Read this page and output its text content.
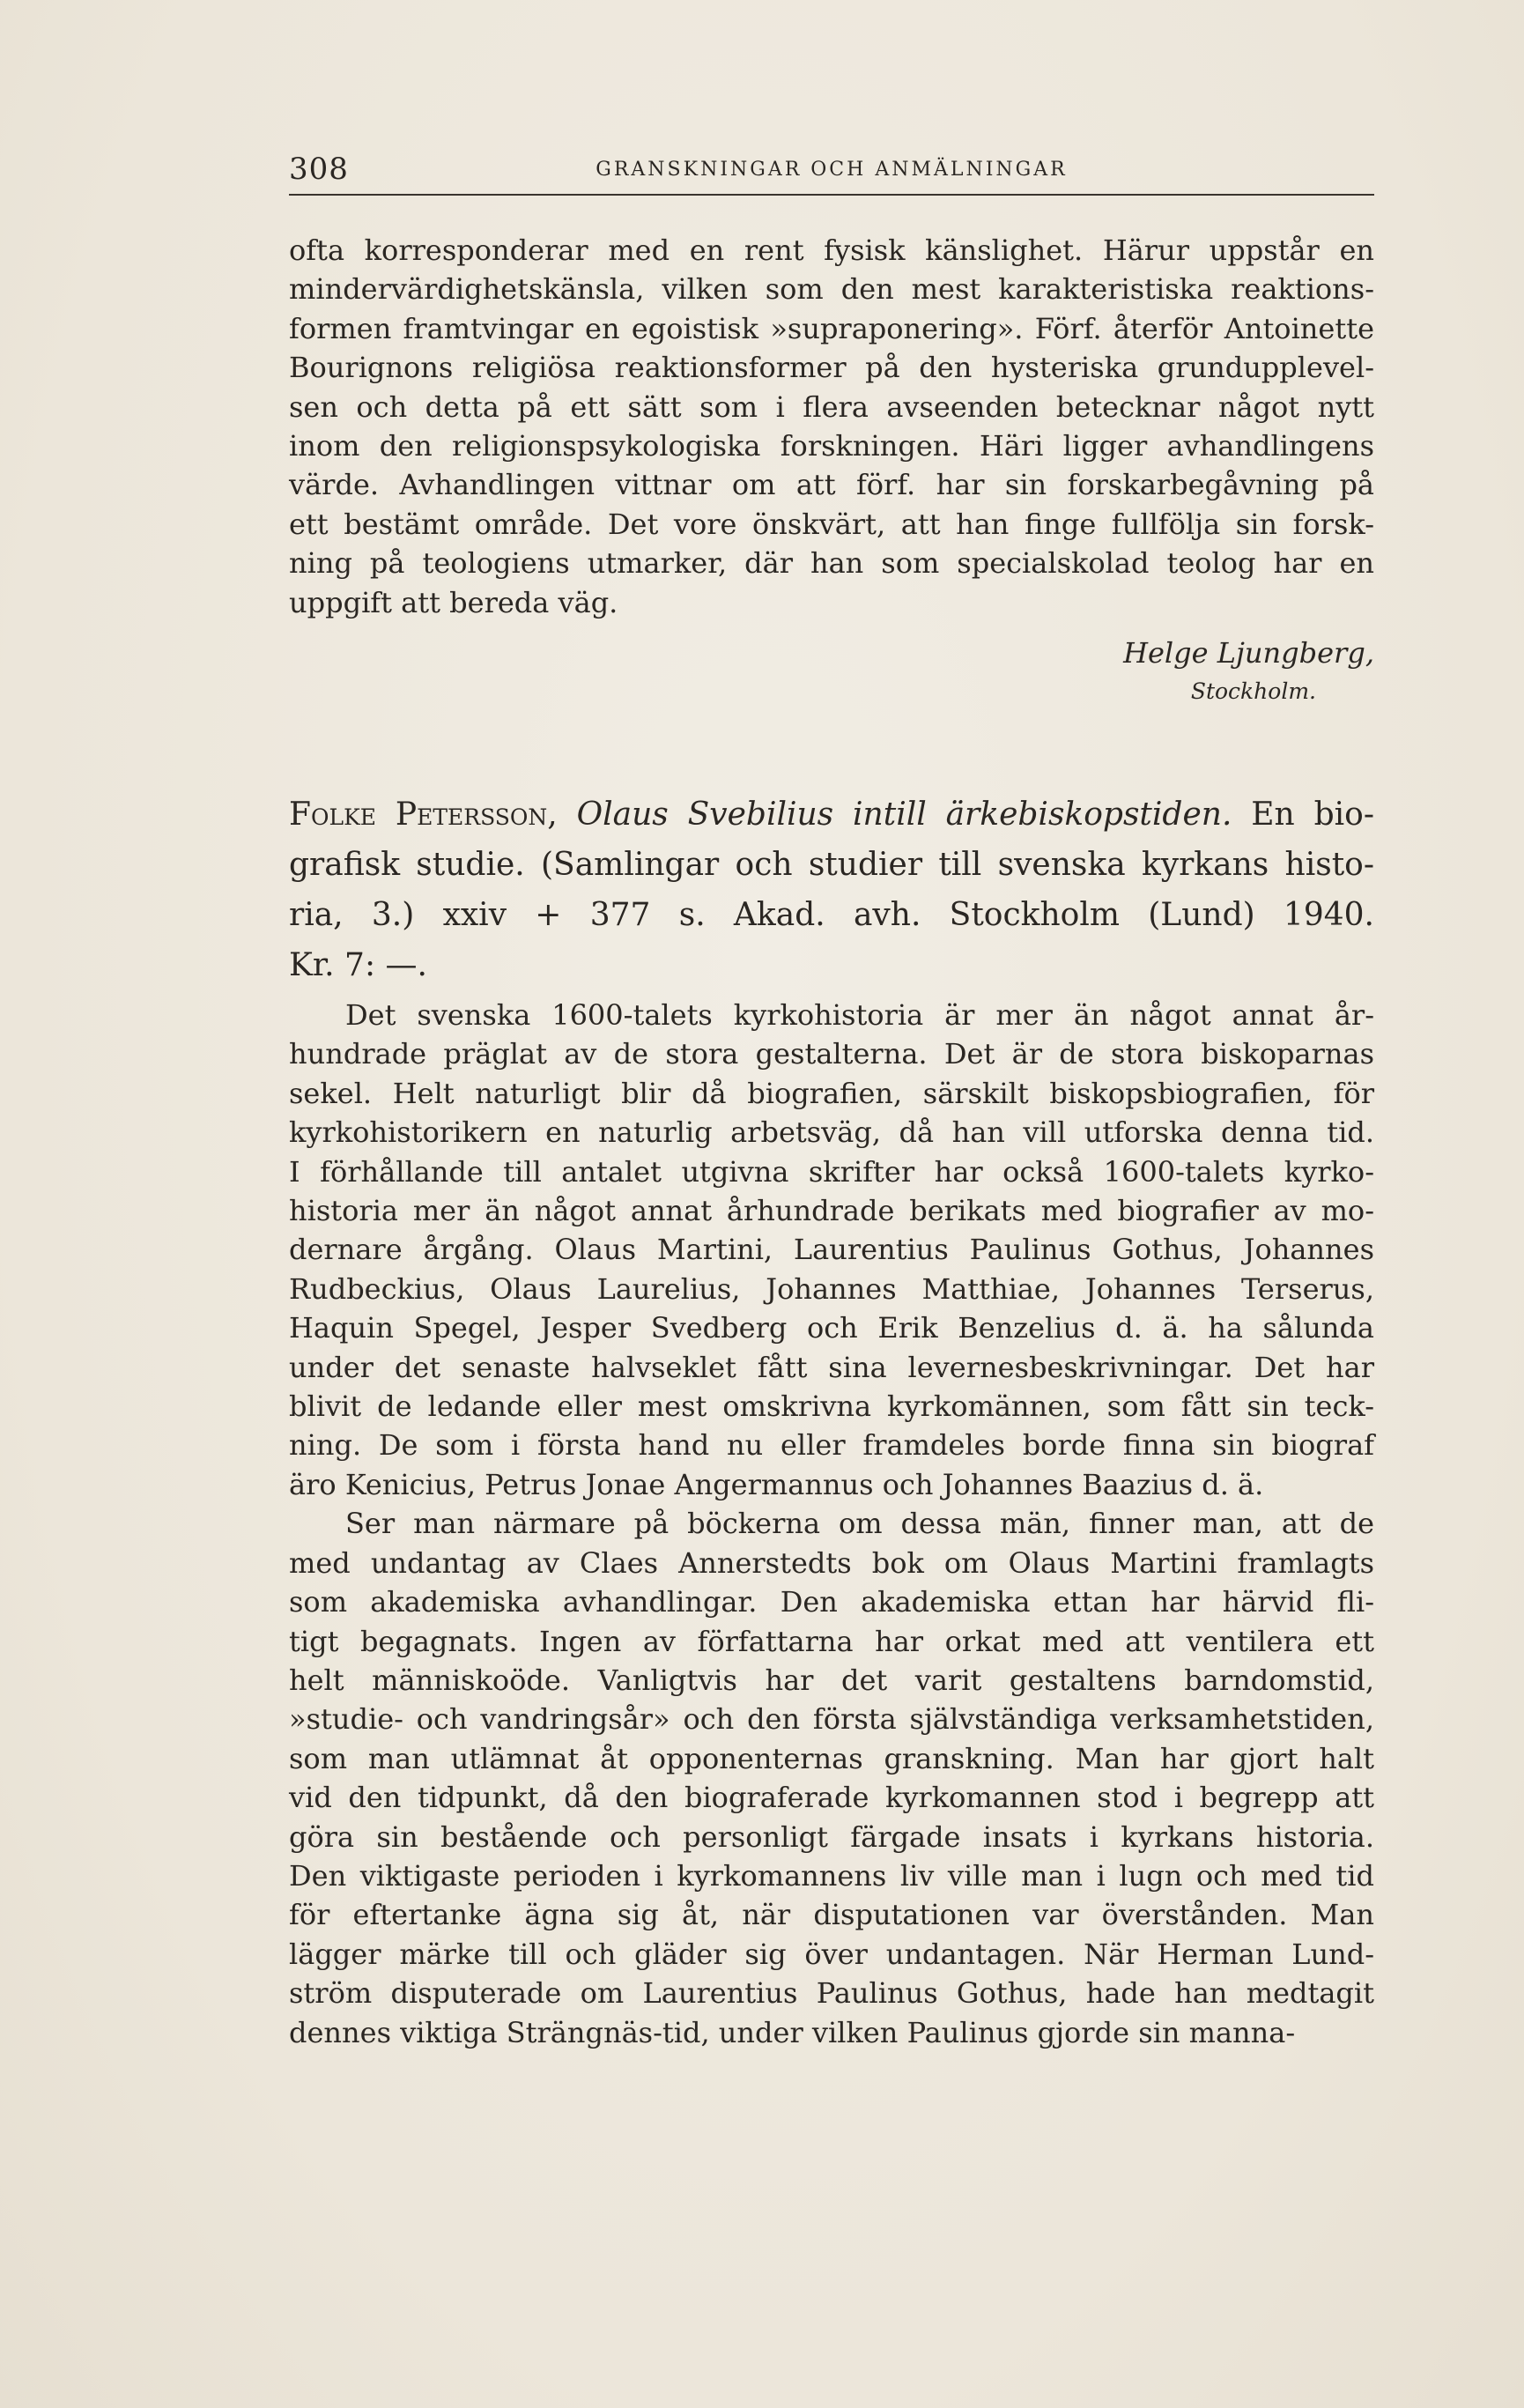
308	GRANSKNINGAR OCH ANMÄLNINGAR

ofta korresponderar med en rent fysisk känslighet. Härur uppstår en
mindervärdighetskänsla, vilken som den mest karakteristiska reaktions-
formen framtvingar en egoistisk »supraponering». Förf. återför Antoinette
Bourignons religiösa reaktionsformer på den hysteriska grundupplevel-
sen och detta på ett sätt som i flera avseenden betecknar något nytt
inom den religionspsykologiska forskningen. Häri ligger avhandlingens
värde. Avhandlingen vittnar om att förf. har sin forskarbegåvning på
ett bestämt område. Det vore önskvärt, att han finge fullfölja sin forsk-
ning på teologiens utmarker, där han som specialskolad teolog har en
uppgift att bereda väg.

Helge Ljungberg,
Stockholm.
Folke Petersson, Olaus Svebilius intill ärkebiskopstiden. En bio-
grafisk studie. (Samlingar och studier till svenska kyrkans histo-
ria, 3.) xxiv + 377 s. Akad. avh. Stockholm (Lund) 1940.
Kr. 7: —.

Det svenska 1600-talets kyrkohistoria är mer än något annat år-
hundrade präglat av de stora gestalterna. Det är de stora biskoparnas
sekel. Helt naturligt blir då biografien, särskilt biskopsbiografien, för
kyrkohistorikern en naturlig arbetsväg, då han vill utforska denna tid.
I förhållande till antalet utgivna skrifter har också 1600-talets kyrko-
historia mer än något annat århundrade berikats med biografier av mo-
dernare årgång. Olaus Martini, Laurentius Paulinus Gothus, Johannes
Rudbeckius, Olaus Laurelius, Johannes Matthiae, Johannes Terserus,
Haquin Spegel, Jesper Svedberg och Erik Benzelius d. ä. ha sålunda
under det senaste halvseklet fått sina levernesbeskrivningar. Det har
blivit de ledande eller mest omskrivna kyrkomännen, som fått sin teck-
ning. De som i första hand nu eller framdeles borde finna sin biograf
äro Kenicius, Petrus Jonae Angermannus och Johannes Baazius d. ä.

Ser man närmare på böckerna om dessa män, finner man, att de
med undantag av Claes Annerstedts bok om Olaus Martini framlagts
som akademiska avhandlingar. Den akademiska ettan har härvid fli-
tigt begagnats. Ingen av författarna har orkat med att ventilera ett
helt människoöde. Vanligtvis har det varit gestaltens barndomstid,
»studie- och vandringsår» och den första självständiga verksamhetstiden,
som man utlämnat åt opponenternas granskning. Man har gjort halt
vid den tidpunkt, då den biograferade kyrkomannen stod i begrepp att
göra sin bestående och personligt färgade insats i kyrkans historia.
Den viktigaste perioden i kyrkomannens liv ville man i lugn och med tid
för eftertanke ägna sig åt, när disputationen var överstånden. Man
lägger märke till och gläder sig över undantagen. När Herman Lund-
ström disputerade om Laurentius Paulinus Gothus, hade han medtagit
dennes viktiga Strängnäs-tid, under vilken Paulinus gjorde sin manna-
